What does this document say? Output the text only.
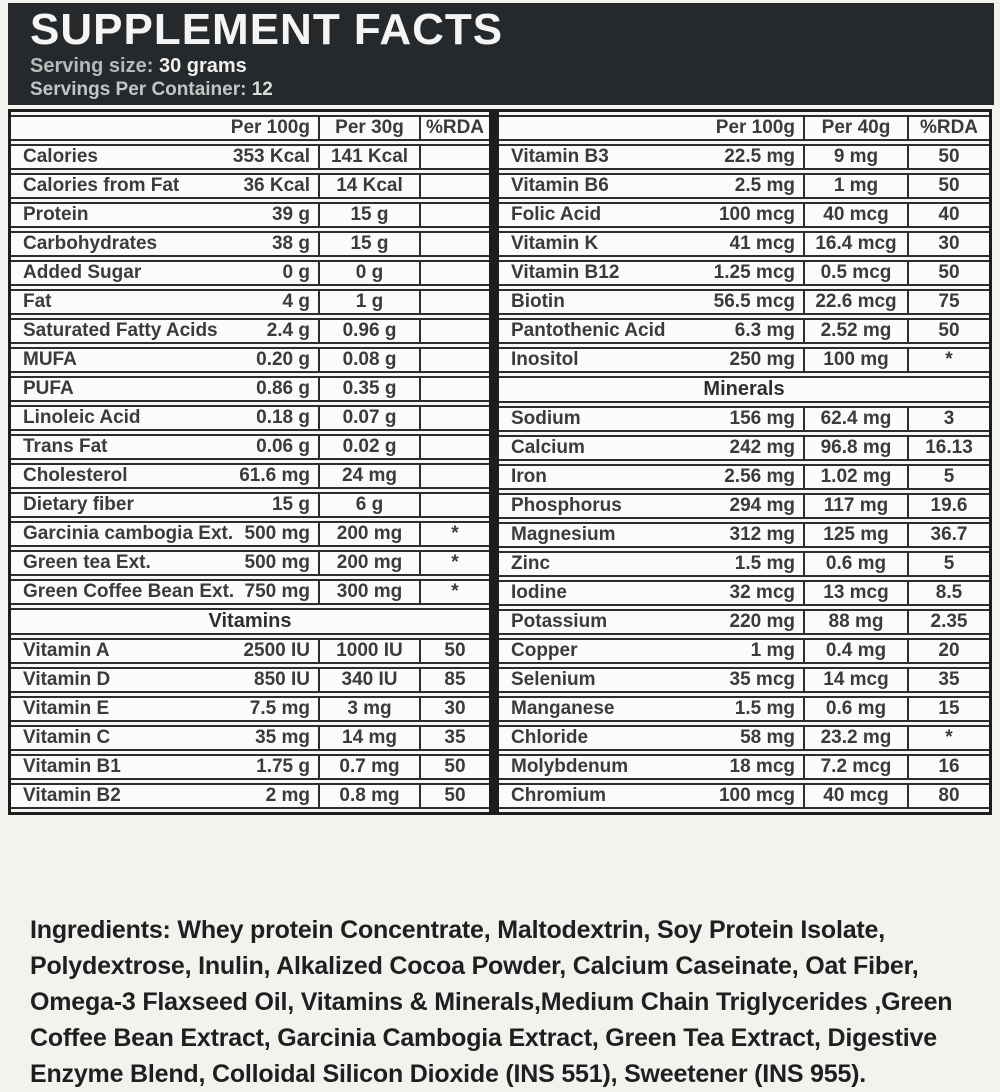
SUPPLEMENT FACTS
Serving size: 30 grams
Servings Per Container: 12
Per 100g	Per 30g	%RDA

Calories 353 Kcal	141 Kcal	

Calories from Fat 36 Kcal	14 Kcal	

Protein 39 g	15 g	

Carbohydrates 38 g	15 g	

Added Sugar 0 g	0 g	

Fat 4 g	1 g	

Saturated Fatty Acids 2.4 g	0.96 g	

MUFA 0.20 g	0.08 g	

PUFA 0.86 g	0.35 g	

Linoleic Acid 0.18 g	0.07 g	

Trans Fat 0.06 g	0.02 g	

Cholesterol 61.6 mg	24 mg	

Dietary fiber 15 g	6 g	

Garcinia cambogia Ext. 500 mg	200 mg	*

Green tea Ext. 500 mg	200 mg	*

Green Coffee Bean Ext. 750 mg	300 mg	*
Vitamins		

Vitamin A 2500 IU	1000 IU	50

Vitamin D 850 IU	340 IU	85

Vitamin E 7.5 mg	3 mg	30

Vitamin C 35 mg	14 mg	35

Vitamin B1 1.75 g	0.7 mg	50

Vitamin B2 2 mg	0.8 mg	50
Per 100g	Per 40g	%RDA

Vitamin B3 22.5 mg	9 mg	50

Vitamin B6 2.5 mg	1 mg	50

Folic Acid 100 mcg	40 mcg	40

Vitamin K 41 mcg	16.4 mcg	30

Vitamin B12 1.25 mcg	0.5 mcg	50

Biotin 56.5 mcg	22.6 mcg	75

Pantothenic Acid 6.3 mg	2.52 mg	50

Inositol 250 mg	100 mg	*
Minerals		

Sodium 156 mg	62.4 mg	3

Calcium 242 mg	96.8 mg	16.13

Iron 2.56 mg	1.02 mg	5

Phosphorus 294 mg	117 mg	19.6

Magnesium 312 mg	125 mg	36.7

Zinc 1.5 mg	0.6 mg	5

Iodine 32 mcg	13 mcg	8.5

Potassium 220 mg	88 mg	2.35

Copper 1 mg	0.4 mg	20

Selenium 35 mcg	14 mcg	35

Manganese 1.5 mg	0.6 mg	15

Chloride 58 mg	23.2 mg	*

Molybdenum 18 mcg	7.2 mcg	16

Chromium 100 mcg	40 mcg	80
Ingredients: Whey protein Concentrate, Maltodextrin, Soy Protein Isolate, Polydextrose, Inulin, Alkalized Cocoa Powder, Calcium Caseinate, Oat Fiber, Omega-3 Flaxseed Oil, Vitamins & Minerals,Medium Chain Triglycerides ,Green Coffee Bean Extract, Garcinia Cambogia Extract, Green Tea Extract, Digestive Enzyme Blend, Colloidal Silicon Dioxide (INS 551), Sweetener (INS 955).
